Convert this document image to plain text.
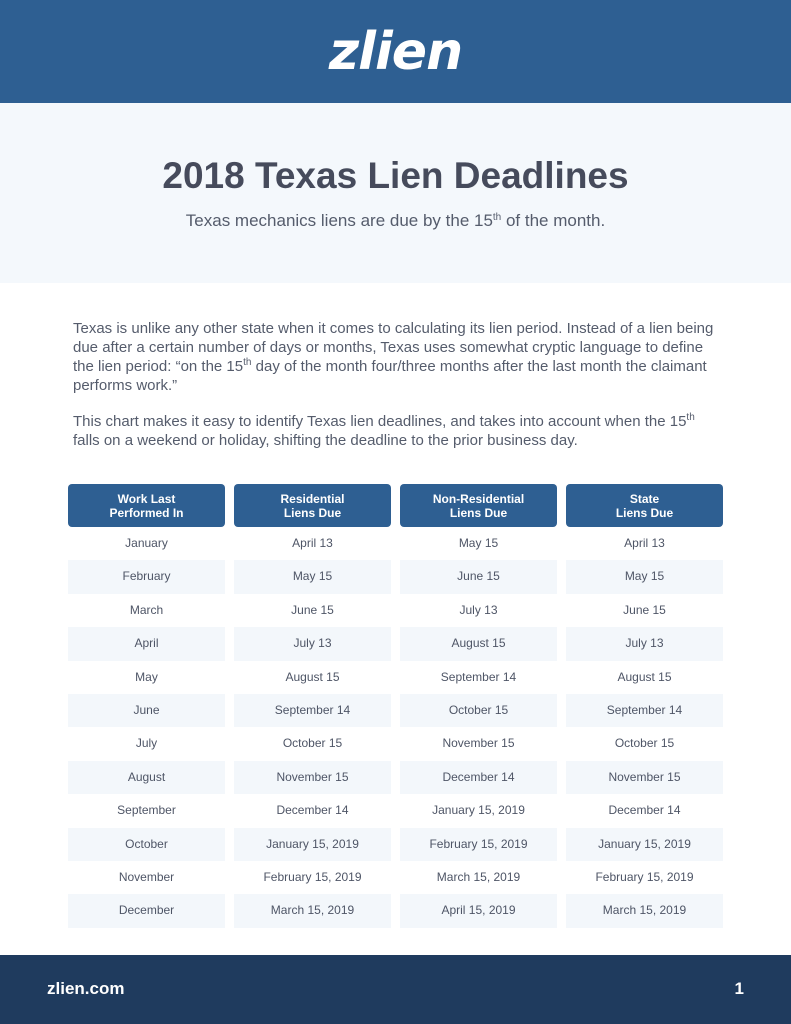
zlien
2018 Texas Lien Deadlines
Texas mechanics liens are due by the 15th of the month.
Texas is unlike any other state when it comes to calculating its lien period. Instead of a lien being due after a certain number of days or months, Texas uses somewhat cryptic language to define the lien period: “on the 15th day of the month four/three months after the last month the claimant performs work.”
This chart makes it easy to identify Texas lien deadlines, and takes into account when the 15th falls on a weekend or holiday, shifting the deadline to the prior business day.
Work Last
Performed In
Residential
Liens Due
Non-Residential
Liens Due
State
Liens Due
January	April 13	May 15	April 13
February	May 15	June 15	May 15
March	June 15	July 13	June 15
April	July 13	August 15	July 13
May	August 15	September 14	August 15
June	September 14	October 15	September 14
July	October 15	November 15	October 15
August	November 15	December 14	November 15
September	December 14	January 15, 2019	December 14
October	January 15, 2019	February 15, 2019	January 15, 2019
November	February 15, 2019	March 15, 2019	February 15, 2019
December	March 15, 2019	April 15, 2019	March 15, 2019
zlien.com	1
